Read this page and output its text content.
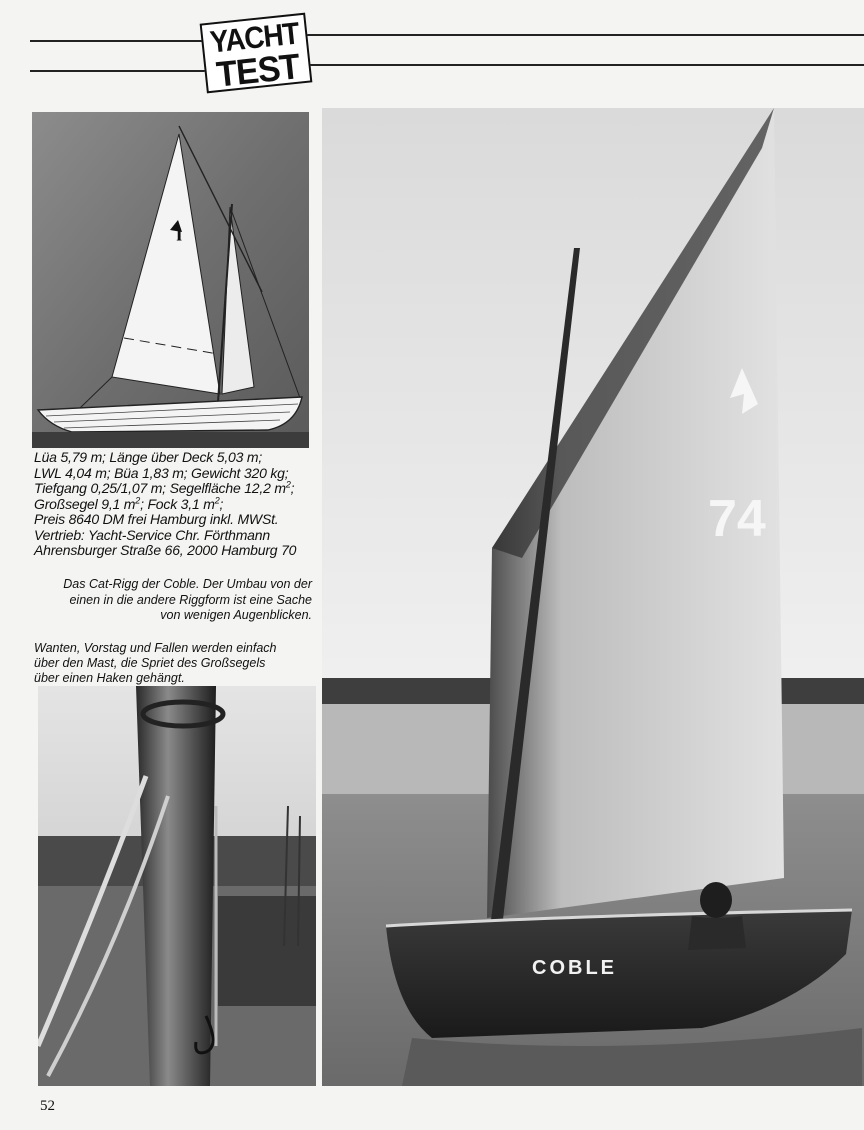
YACHT
TEST
Lüa 5,79 m; Länge über Deck 5,03 m;
LWL 4,04 m; Büa 1,83 m; Gewicht 320 kg;
Tiefgang 0,25/1,07 m; Segelfläche 12,2 $m^2$;
Großsegel 9,1 $m^2$; Fock 3,1 $m^2$;
Preis 8640 DM frei Hamburg inkl. MWSt.
Vertrieb: Yacht-Service Chr. Förthmann
Ahrensburger Straße 66, 2000 Hamburg 70
Das Cat-Rigg der Coble. Der Umbau von der
einen in die andere Riggform ist eine Sache
von wenigen Augenblicken.
Wanten, Vorstag und Fallen werden einfach
über den Mast, die Spriet des Großsegels
über einen Haken gehängt.
74
COBLE
52
